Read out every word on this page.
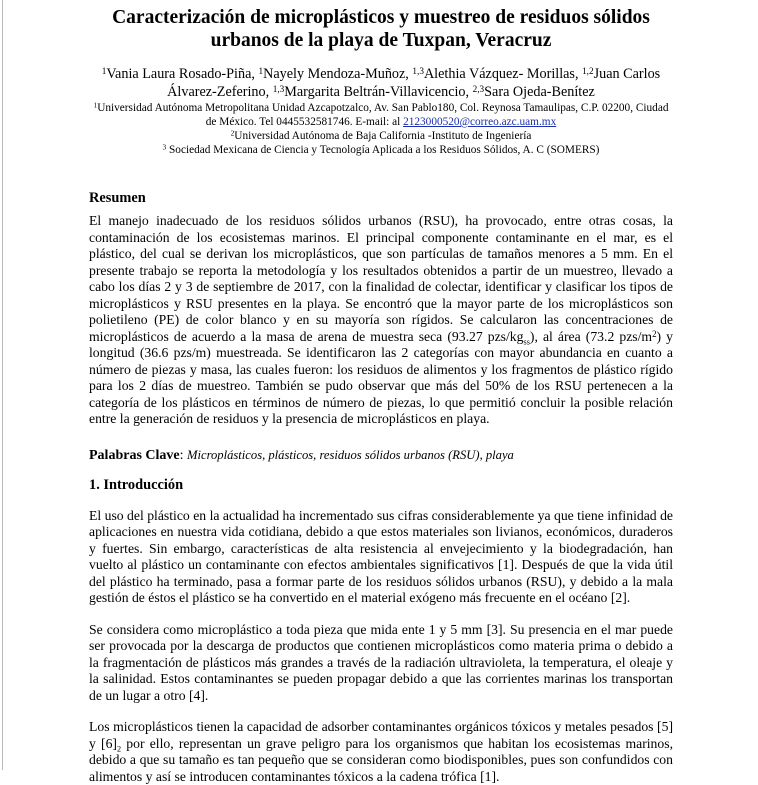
Caracterización de microplásticos y muestreo de residuos sólidos
urbanos de la playa de Tuxpan, Veracruz
$^1$Vania Laura Rosado-Piña, $^1$Nayely Mendoza-Muñoz, $^{1,3}$Alethia Vázquez- Morillas, $^{1,2}$Juan Carlos Álvarez-Zeferino, $^{1,3}$Margarita Beltrán-Villavicencio, $^{2,3}$Sara Ojeda-Benítez
$^1$Universidad Autónoma Metropolitana Unidad Azcapotzalco, Av. San Pablo180, Col. Reynosa Tamaulipas, C.P. 02200, Ciudad de México. Tel 0445532581746. E-mail: al 2123000520@correo.azc.uam.mx
$^2$Universidad Autónoma de Baja California -Instituto de Ingeniería
$^3$ Sociedad Mexicana de Ciencia y Tecnología Aplicada a los Residuos Sólidos, A. C (SOMERS)
Resumen

El manejo inadecuado de los residuos sólidos urbanos (RSU), ha provocado, entre otras cosas, la contaminación de los ecosistemas marinos. El principal componente contaminante en el mar, es el plástico, del cual se derivan los microplásticos, que son partículas de tamaños menores a 5 mm. En el presente trabajo se reporta la metodología y los resultados obtenidos a partir de un muestreo, llevado a cabo los días 2 y 3 de septiembre de 2017, con la finalidad de colectar, identificar y clasificar los tipos de microplásticos y RSU presentes en la playa. Se encontró que la mayor parte de los microplásticos son polietileno (PE) de color blanco y en su mayoría son rígidos. Se calcularon las concentraciones de microplásticos de acuerdo a la masa de arena de muestra seca (93.27 pzs/$kg_{ss}$), al área (73.2 pzs/$m^2$) y longitud (36.6 pzs/m) muestreada. Se identificaron las 2 categorías con mayor abundancia en cuanto a número de piezas y masa, las cuales fueron: los residuos de alimentos y los fragmentos de plástico rígido para los 2 días de muestreo. También se pudo observar que más del 50% de los RSU pertenecen a la categoría de los plásticos en términos de número de piezas, lo que permitió concluir la posible relación entre la generación de residuos y la presencia de microplásticos en playa.

Palabras Clave: Microplásticos, plásticos, residuos sólidos urbanos (RSU), playa
1. Introducción

El uso del plástico en la actualidad ha incrementado sus cifras considerablemente ya que tiene infinidad de aplicaciones en nuestra vida cotidiana, debido a que estos materiales son livianos, económicos, duraderos y fuertes. Sin embargo, características de alta resistencia al envejecimiento y la biodegradación, han vuelto al plástico un contaminante con efectos ambientales significativos [1]. Después de que la vida útil del plástico ha terminado, pasa a formar parte de los residuos sólidos urbanos (RSU), y debido a la mala gestión de éstos el plástico se ha convertido en el material exógeno más frecuente en el océano [2].

Se considera como microplástico a toda pieza que mida ente 1 y 5 mm [3]. Su presencia en el mar puede ser provocada por la descarga de productos que contienen microplásticos como materia prima o debido a la fragmentación de plásticos más grandes a través de la radiación ultravioleta, la temperatura, el oleaje y la salinidad. Estos contaminantes se pueden propagar debido a que las corrientes marinas los transportan de un lugar a otro [4].

Los microplásticos tienen la capacidad de adsorber contaminantes orgánicos tóxicos y metales pesados [5] y $[6]_2$ por ello, representan un grave peligro para los organismos que habitan los ecosistemas marinos, debido a que su tamaño es tan pequeño que se consideran como biodisponibles, pues son confundidos con alimentos y así se introducen contaminantes tóxicos a la cadena trófica [1].
